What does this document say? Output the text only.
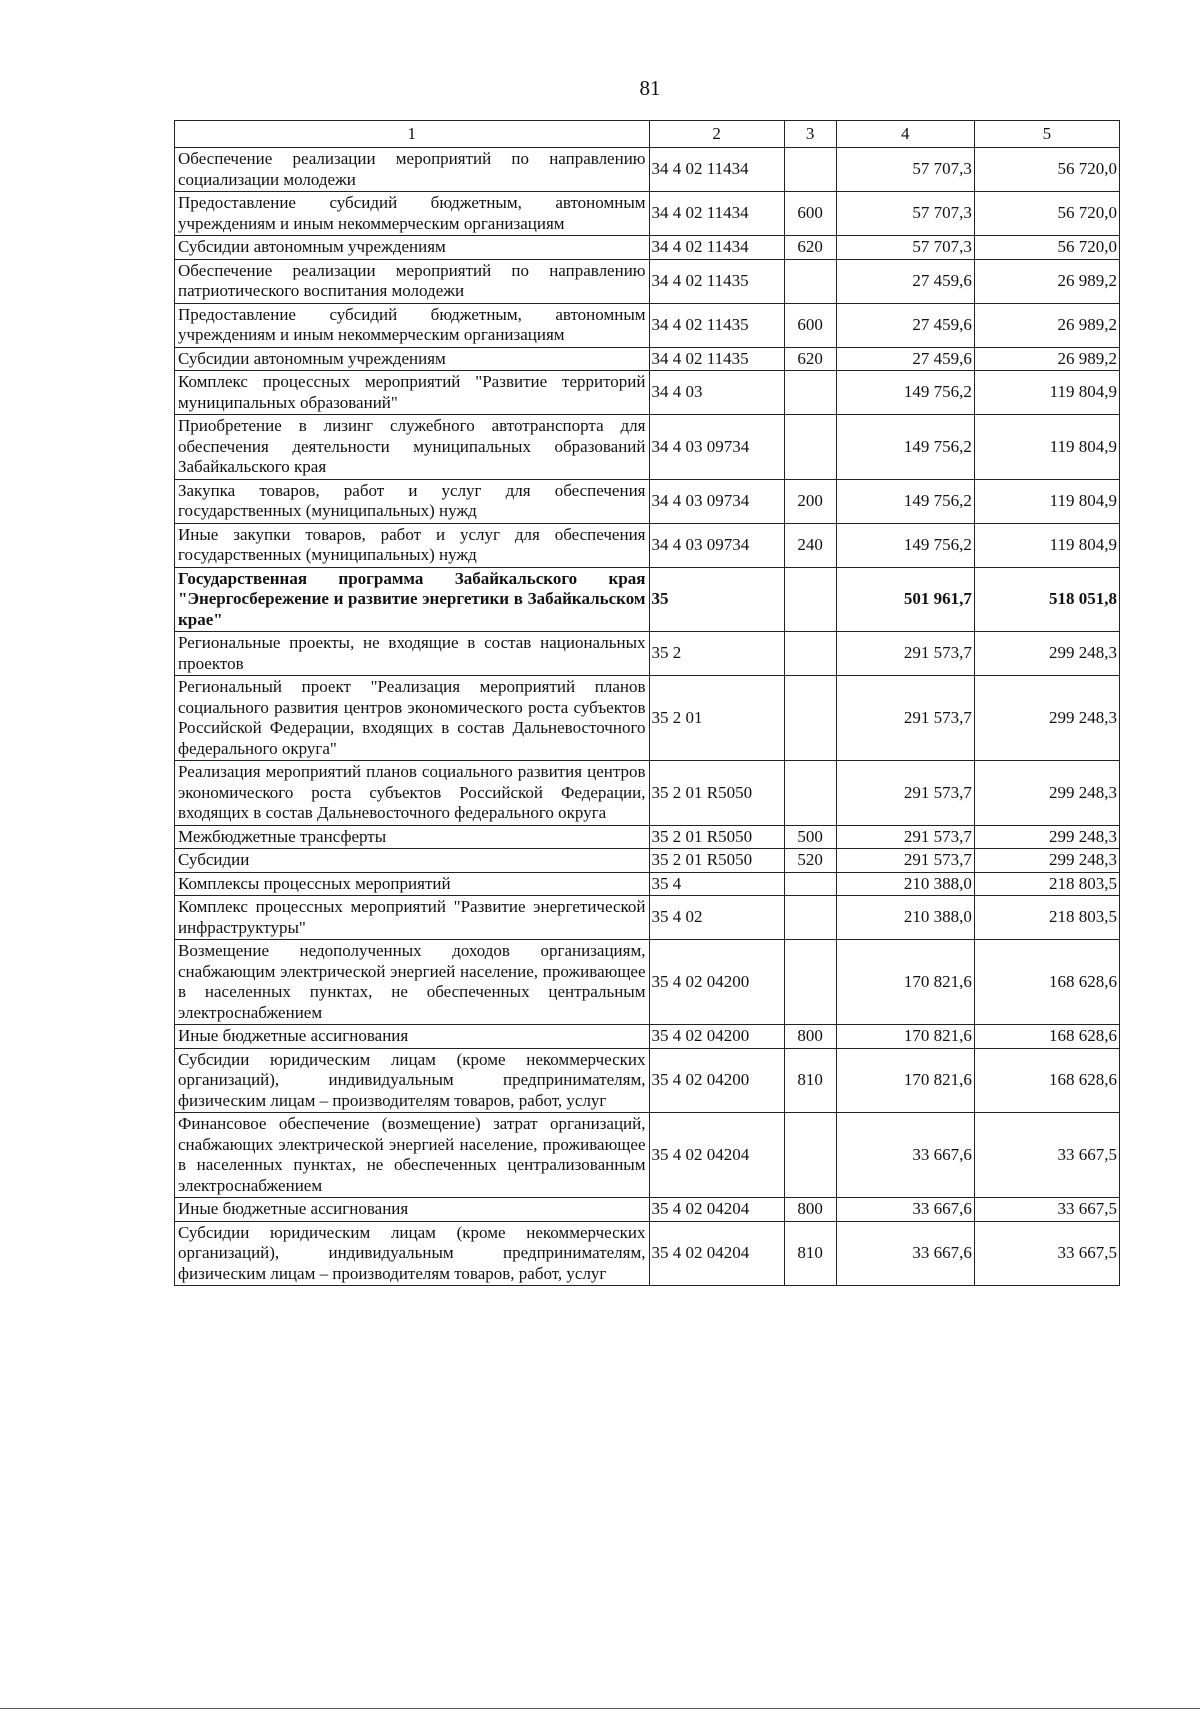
81
1	2	3	4	5
Обеспечение реализации мероприятий по направлению социализации молодежи	34 4 02 11434		57 707,3	56 720,0
Предоставление субсидий бюджетным, автономным учреждениям и иным некоммерческим организациям	34 4 02 11434	600	57 707,3	56 720,0
Субсидии автономным учреждениям	34 4 02 11434	620	57 707,3	56 720,0
Обеспечение реализации мероприятий по направлению патриотического воспитания молодежи	34 4 02 11435		27 459,6	26 989,2
Предоставление субсидий бюджетным, автономным учреждениям и иным некоммерческим организациям	34 4 02 11435	600	27 459,6	26 989,2
Субсидии автономным учреждениям	34 4 02 11435	620	27 459,6	26 989,2
Комплекс процессных мероприятий "Развитие территорий муниципальных образований"	34 4 03		149 756,2	119 804,9
Приобретение в лизинг служебного автотранспорта для обеспечения деятельности муниципальных образований Забайкальского края	34 4 03 09734		149 756,2	119 804,9
Закупка товаров, работ и услуг для обеспечения государственных (муниципальных) нужд	34 4 03 09734	200	149 756,2	119 804,9
Иные закупки товаров, работ и услуг для обеспечения государственных (муниципальных) нужд	34 4 03 09734	240	149 756,2	119 804,9
Государственная программа Забайкальского края "Энергосбережение и развитие энергетики в Забайкальском крае"	35		501 961,7	518 051,8
Региональные проекты, не входящие в состав национальных проектов	35 2		291 573,7	299 248,3
Региональный проект "Реализация мероприятий планов социального развития центров экономического роста субъектов Российской Федерации, входящих в состав Дальневосточного федерального округа"	35 2 01		291 573,7	299 248,3
Реализация мероприятий планов социального развития центров экономического роста субъектов Российской Федерации, входящих в состав Дальневосточного федерального округа	35 2 01 R5050		291 573,7	299 248,3
Межбюджетные трансферты	35 2 01 R5050	500	291 573,7	299 248,3
Субсидии	35 2 01 R5050	520	291 573,7	299 248,3
Комплексы процессных мероприятий	35 4		210 388,0	218 803,5
Комплекс процессных мероприятий "Развитие энергетической инфраструктуры"	35 4 02		210 388,0	218 803,5
Возмещение недополученных доходов организациям, снабжающим электрической энергией население, проживающее в населенных пунктах, не обеспеченных центральным электроснабжением	35 4 02 04200		170 821,6	168 628,6
Иные бюджетные ассигнования	35 4 02 04200	800	170 821,6	168 628,6
Субсидии юридическим лицам (кроме некоммерческих организаций), индивидуальным предпринимателям, физическим лицам – производителям товаров, работ, услуг	35 4 02 04200	810	170 821,6	168 628,6
Финансовое обеспечение (возмещение) затрат организаций, снабжающих электрической энергией население, проживающее в населенных пунктах, не обеспеченных централизованным электроснабжением	35 4 02 04204		33 667,6	33 667,5
Иные бюджетные ассигнования	35 4 02 04204	800	33 667,6	33 667,5
Субсидии юридическим лицам (кроме некоммерческих организаций), индивидуальным предпринимателям, физическим лицам – производителям товаров, работ, услуг	35 4 02 04204	810	33 667,6	33 667,5
